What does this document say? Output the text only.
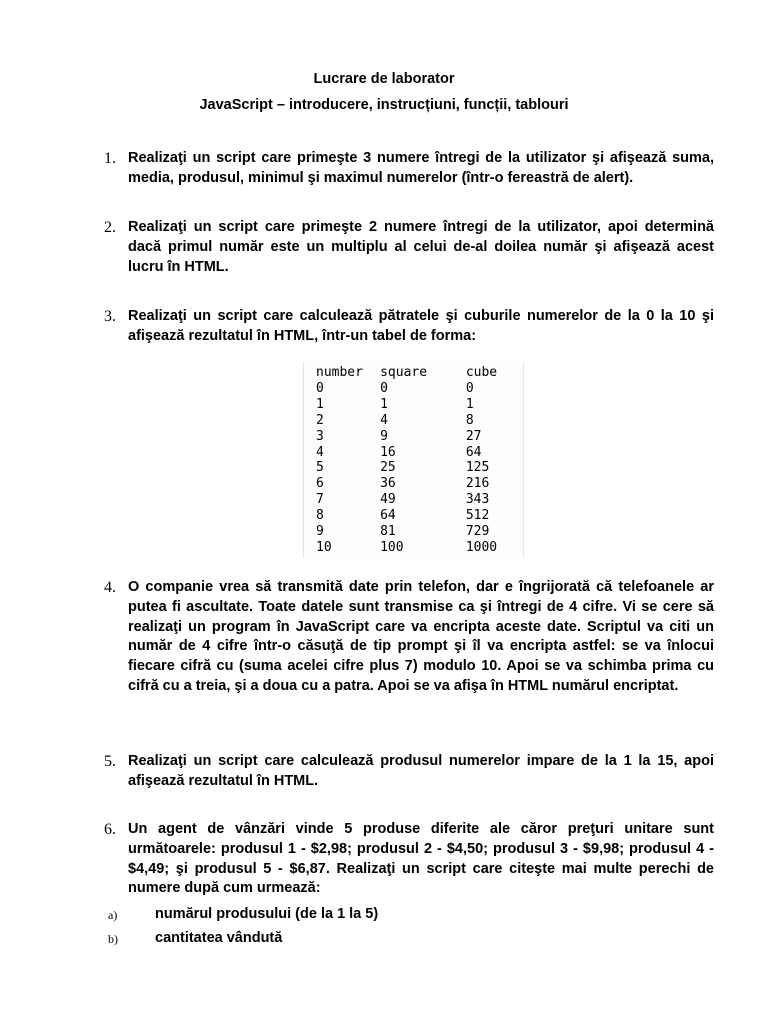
Lucrare de laborator
JavaScript – introducere, instrucțiuni, funcții, tablouri
1. Realizaţi un script care primeşte 3 numere întregi de la utilizator şi afişează suma, media, produsul, minimul şi maximul numerelor (într-o fereastră de alert).
2. Realizaţi un script care primeşte 2 numere întregi de la utilizator, apoi determină dacă primul număr este un multiplu al celui de-al doilea număr şi afişează acest lucru în HTML.
3. Realizaţi un script care calculează pătratele şi cuburile numerelor de la 0 la 10 şi afişează rezultatul în HTML, într-un tabel de forma:
number	square	cube
0	0	0
1	1	1
2	4	8
3	9	27
4	16	64
5	25	125
6	36	216
7	49	343
8	64	512
9	81	729
10	100	1000
4. O companie vrea să transmită date prin telefon, dar e îngrijorată că telefoanele ar putea fi ascultate. Toate datele sunt transmise ca şi întregi de 4 cifre. Vi se cere să realizaţi un program în JavaScript care va encripta aceste date. Scriptul va citi un număr de 4 cifre într-o căsuţă de tip prompt şi îl va encripta astfel: se va înlocui fiecare cifră cu (suma acelei cifre plus 7) modulo 10. Apoi se va schimba prima cu cifră cu a treia, şi a doua cu a patra. Apoi se va afişa în HTML numărul encriptat.
5. Realizaţi un script care calculează produsul numerelor impare de la 1 la 15, apoi afişează rezultatul în HTML.
6. Un agent de vânzări vinde 5 produse diferite ale căror preţuri unitare sunt următoarele: produsul 1 - $2,98; produsul 2 - $4,50; produsul 3 - $9,98; produsul 4 - $4,49; şi produsul 5 - $6,87. Realizaţi un script care citeşte mai multe perechi de numere după cum urmează:
a)	numărul produsului (de la 1 la 5)
b)	cantitatea vândută
